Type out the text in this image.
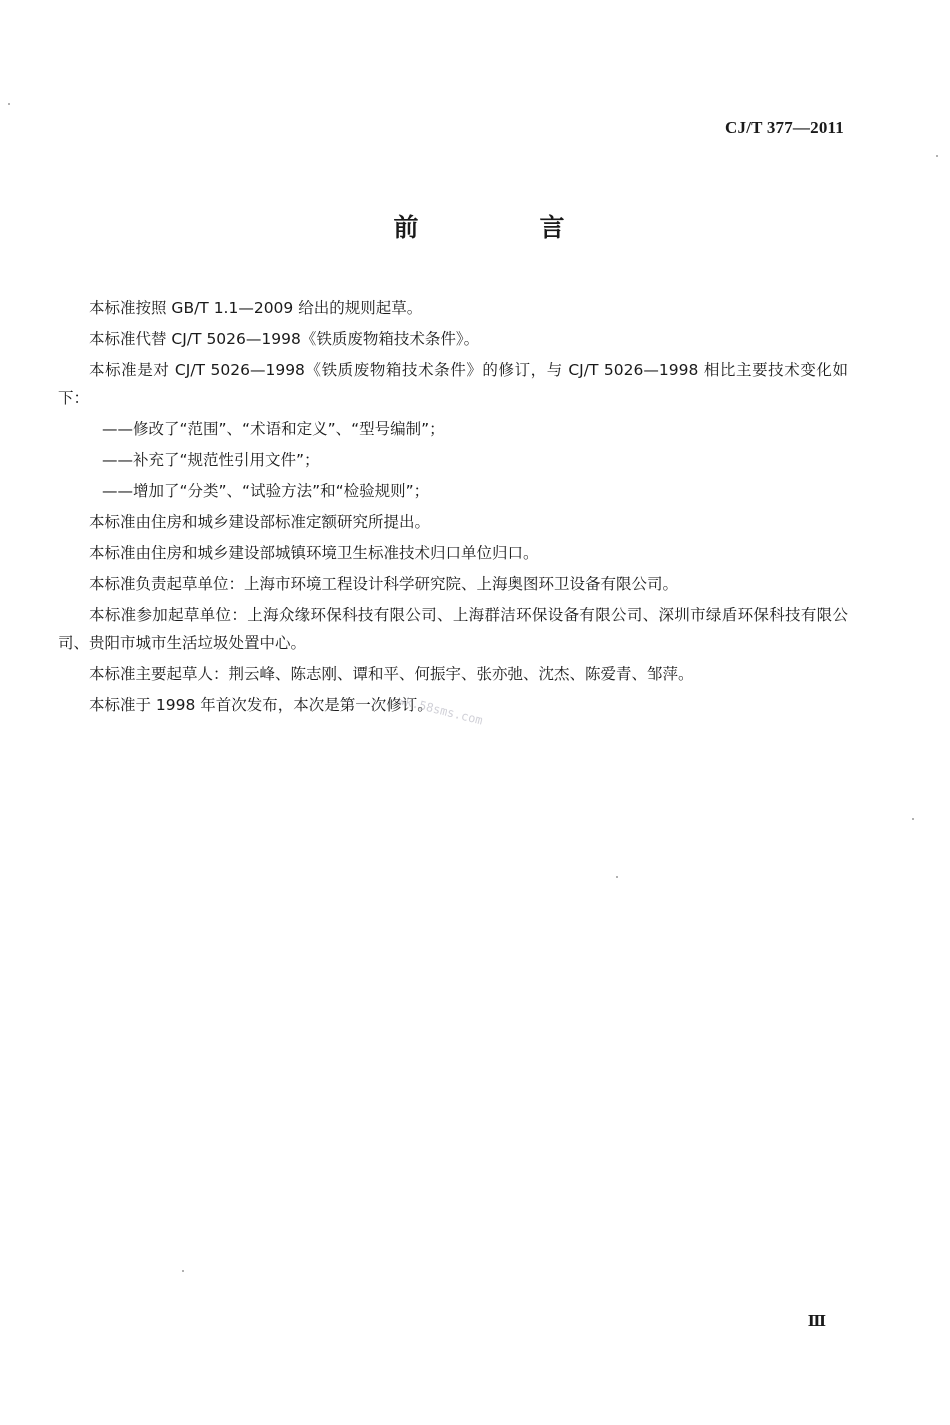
CJ/T 377—2011
前　言

本标准按照 GB/T 1.1—2009 给出的规则起草。

本标准代替 CJ/T 5026—1998《铁质废物箱技术条件》。

本标准是对 CJ/T 5026—1998《铁质废物箱技术条件》的修订，与 CJ/T 5026—1998 相比主要技术变化如下：

——修改了“范围”、“术语和定义”、“型号编制”；

——补充了“规范性引用文件”；

——增加了“分类”、“试验方法”和“检验规则”；

本标准由住房和城乡建设部标准定额研究所提出。

本标准由住房和城乡建设部城镇环境卫生标准技术归口单位归口。

本标准负责起草单位：上海市环境工程设计科学研究院、上海奥图环卫设备有限公司。

本标准参加起草单位：上海众缘环保科技有限公司、上海群洁环保设备有限公司、深圳市绿盾环保科技有限公司、贵阳市城市生活垃圾处置中心。

本标准主要起草人：荆云峰、陈志刚、谭和平、何振宇、张亦弛、沈杰、陈爱青、邹萍。

本标准于 1998 年首次发布，本次是第一次修订。

wk.58sms.com
Ⅲ
